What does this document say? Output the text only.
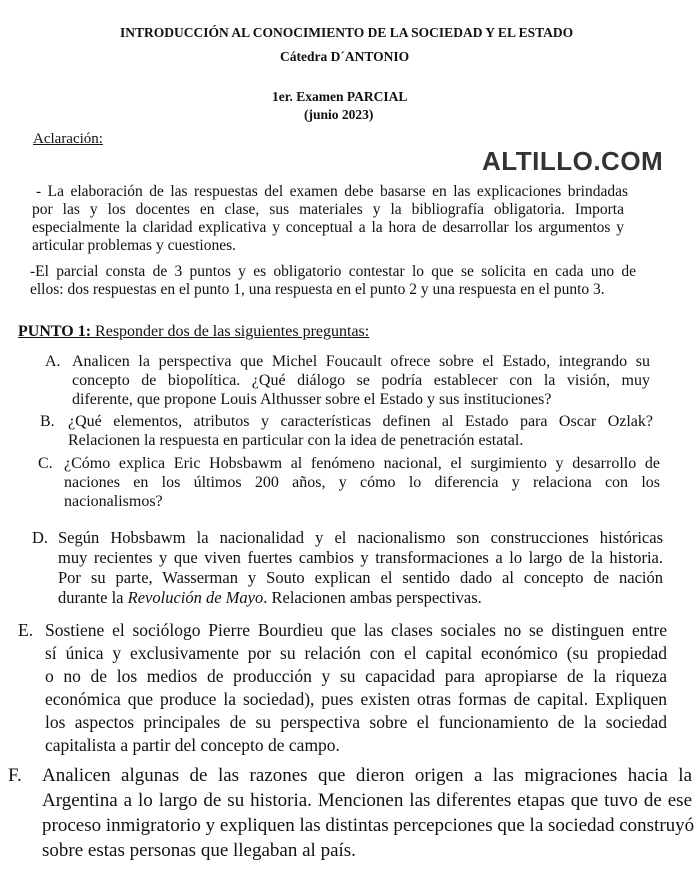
INTRODUCCIÓN AL CONOCIMIENTO DE LA SOCIEDAD Y EL ESTADO
Cátedra D´ANTONIO
1er. Examen PARCIAL
(junio 2023)
Aclaración:
ALTILLO.COM
- La elaboración de las respuestas del examen debe basarse en las explicaciones brindadas
por las y los docentes en clase, sus materiales y la bibliografía obligatoria. Importa
especialmente la claridad explicativa y conceptual a la hora de desarrollar los argumentos y
articular problemas y cuestiones.
-El parcial consta de 3 puntos y es obligatorio contestar lo que se solicita en cada uno de
ellos: dos respuestas en el punto 1, una respuesta en el punto 2 y una respuesta en el punto 3.
PUNTO 1: Responder dos de las siguientes preguntas:
A. Analicen la perspectiva que Michel Foucault ofrece sobre el Estado, integrando su
concepto de biopolítica. ¿Qué diálogo se podría establecer con la visión, muy
diferente, que propone Louis Althusser sobre el Estado y sus instituciones?
B. ¿Qué elementos, atributos y características definen al Estado para Oscar Ozlak?
Relacionen la respuesta en particular con la idea de penetración estatal.
C. ¿Cómo explica Eric Hobsbawm al fenómeno nacional, el surgimiento y desarrollo de
naciones en los últimos 200 años, y cómo lo diferencia y relaciona con los
nacionalismos?
D. Según Hobsbawm la nacionalidad y el nacionalismo son construcciones históricas
muy recientes y que viven fuertes cambios y transformaciones a lo largo de la historia.
Por su parte, Wasserman y Souto explican el sentido dado al concepto de nación
durante la Revolución de Mayo. Relacionen ambas perspectivas.
E. Sostiene el sociólogo Pierre Bourdieu que las clases sociales no se distinguen entre
sí única y exclusivamente por su relación con el capital económico (su propiedad
o no de los medios de producción y su capacidad para apropiarse de la riqueza
económica que produce la sociedad), pues existen otras formas de capital. Expliquen
los aspectos principales de su perspectiva sobre el funcionamiento de la sociedad
capitalista a partir del concepto de campo.
F. Analicen algunas de las razones que dieron origen a las migraciones hacia la
Argentina a lo largo de su historia. Mencionen las diferentes etapas que tuvo de ese
proceso inmigratorio y expliquen las distintas percepciones que la sociedad construyó
sobre estas personas que llegaban al país.
